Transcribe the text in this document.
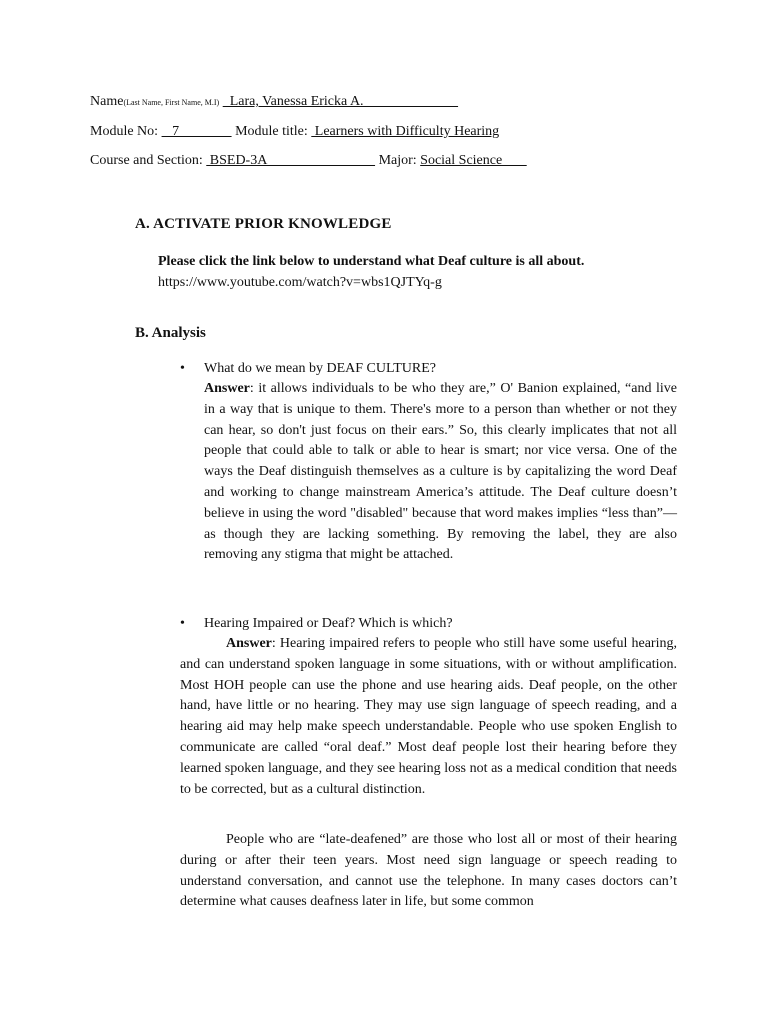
Name(Last Name, First Name, M.I)   Lara, Vanessa Ericka A.
Module No:    7                Module title:  Learners with Difficulty Hearing
Course and Section:  BSED-3A                                Major: Social Science
A. ACTIVATE PRIOR KNOWLEDGE
Please click the link below to understand what Deaf culture is all about.
https://www.youtube.com/watch?v=wbs1QJTYq-g
B. Analysis
• What do we mean by DEAF CULTURE?
Answer: it allows individuals to be who they are,” O' Banion explained, “and live in a way that is unique to them. There's more to a person than whether or not they can hear, so don't just focus on their ears.” So, this clearly implicates that not all people that could able to talk or able to hear is smart; nor vice versa. One of the ways the Deaf distinguish themselves as a culture is by capitalizing the word Deaf and working to change mainstream America’s attitude. The Deaf culture doesn’t believe in using the word "disabled" because that word makes implies “less than”—as though they are lacking something. By removing the label, they are also removing any stigma that might be attached.
• Hearing Impaired or Deaf? Which is which?
Answer: Hearing impaired refers to people who still have some useful hearing, and can understand spoken language in some situations, with or without amplification. Most HOH people can use the phone and use hearing aids. Deaf people, on the other hand, have little or no hearing. They may use sign language of speech reading, and a hearing aid may help make speech understandable. People who use spoken English to communicate are called “oral deaf.” Most deaf people lost their hearing before they learned spoken language, and they see hearing loss not as a medical condition that needs to be corrected, but as a cultural distinction.
People who are “late-deafened” are those who lost all or most of their hearing during or after their teen years. Most need sign language or speech reading to understand conversation, and cannot use the telephone. In many cases doctors can’t determine what causes deafness later in life, but some common
